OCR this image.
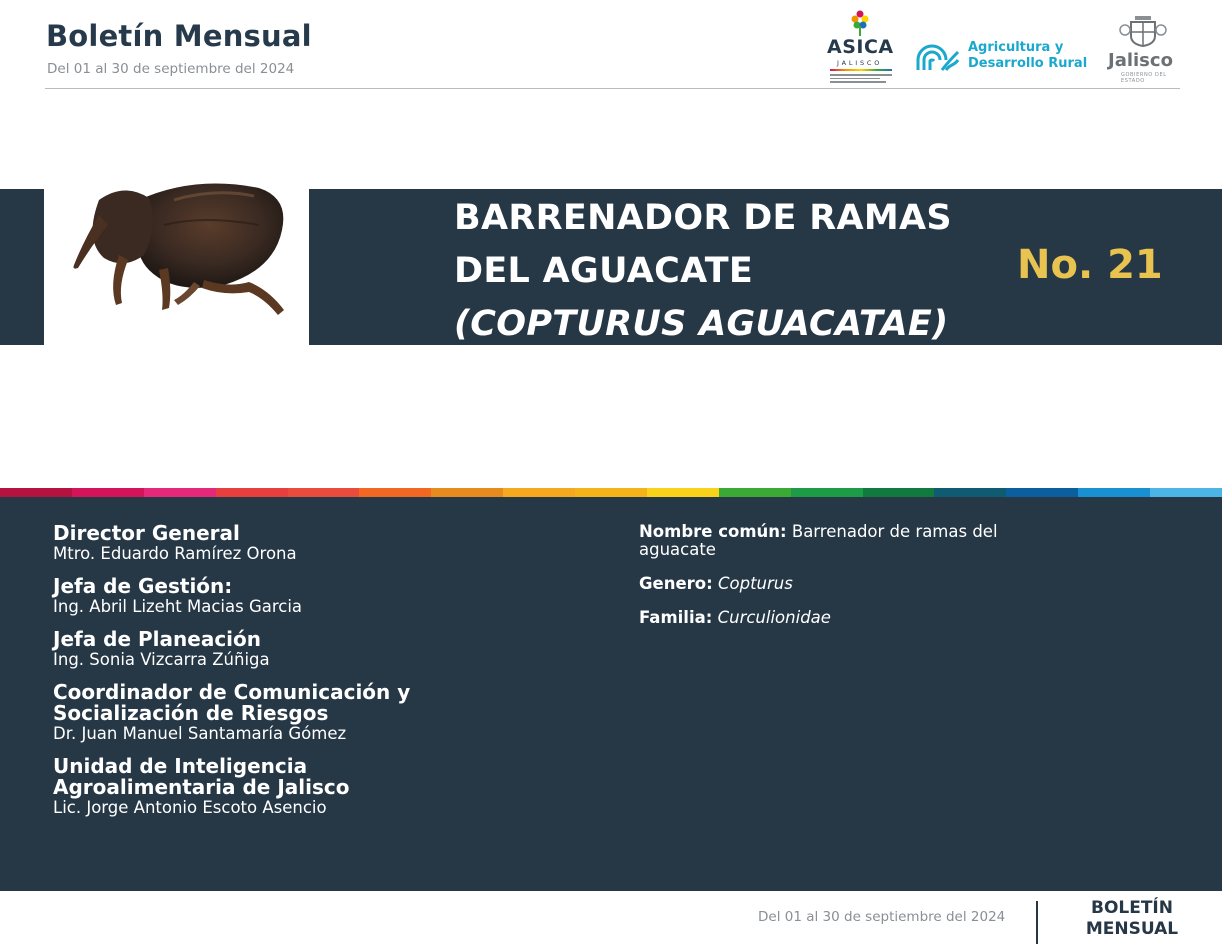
Boletín Mensual
Del 01 al 30 de septiembre del 2024
ASICA
JALISCO
Agricultura y
Desarrollo Rural Jalisco
GOBIERNO DEL ESTADO
BARRENADOR DE RAMAS
DEL AGUACATE
(COPTURUS AGUACATAE)
No. 21
Director General
Mtro. Eduardo Ramírez Orona
Jefa de Gestión:
Ing. Abril Lizeht Macias Garcia
Jefa de Planeación
Ing. Sonia Vizcarra Zúñiga
Coordinador de Comunicación y Socialización de Riesgos
Dr. Juan Manuel Santamaría Gómez
Unidad de Inteligencia Agroalimentaria de Jalisco
Lic. Jorge Antonio Escoto Asencio
Nombre común: Barrenador de ramas del aguacate
Genero: Copturus
Familia: Curculionidae
Del 01 al 30 de septiembre del 2024	BOLETÍN
MENSUAL
